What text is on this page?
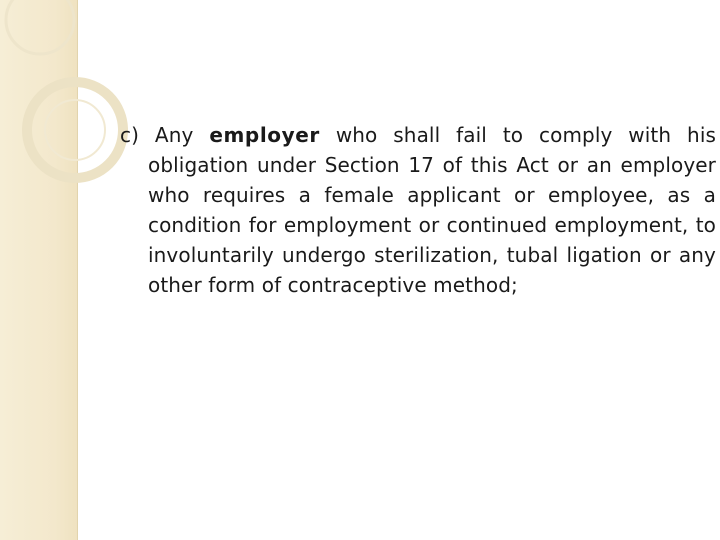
c) Any employer who shall fail to comply with his obligation under Section 17 of this Act or an employer who requires a female applicant or employee, as a condition for employment or continued employment, to involuntarily undergo sterilization, tubal ligation or any other form of contraceptive method;
